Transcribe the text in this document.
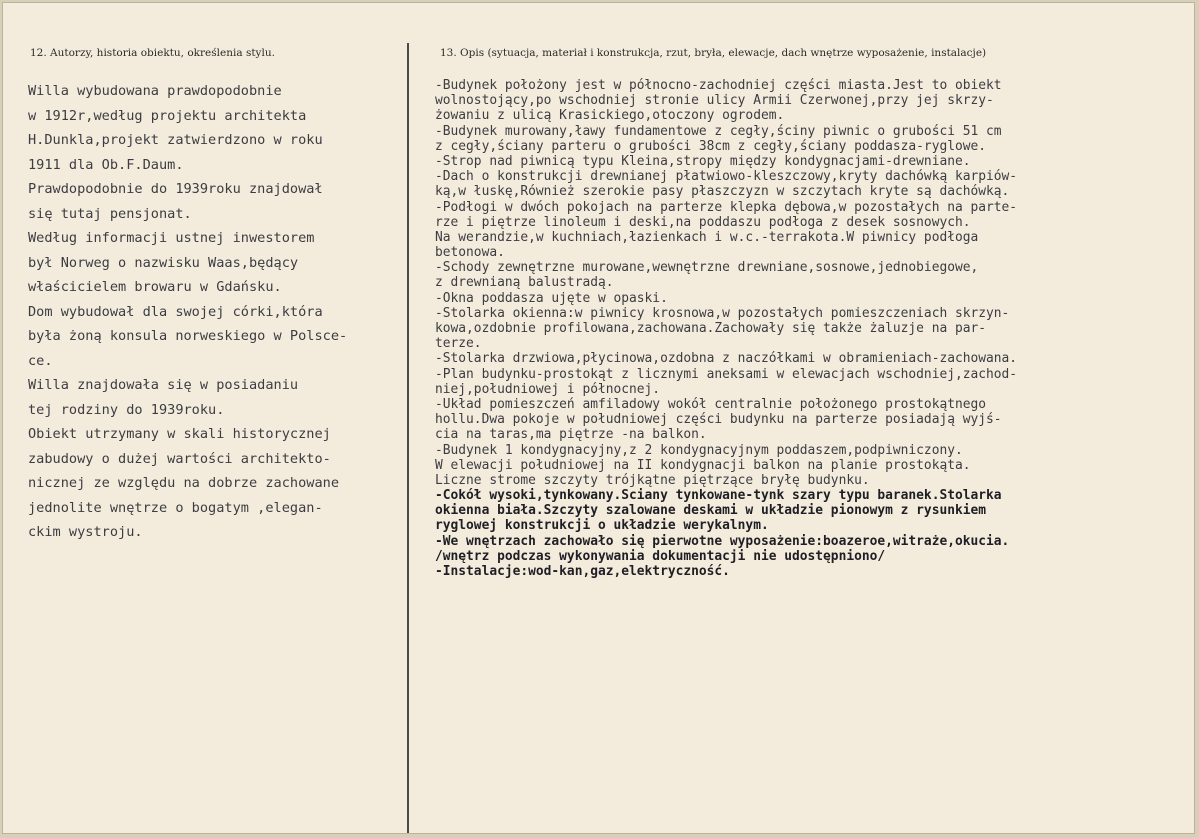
12. Autorzy, historia obiektu, określenia stylu.	13. Opis (sytuacja, materiał i konstrukcja, rzut, bryła, elewacje, dach wnętrze wyposażenie, instalacje)
Willa wybudowana prawdopodobnie
w 1912r,według projektu architekta
H.Dunkla,projekt zatwierdzono w roku
1911 dla Ob.F.Daum.
Prawdopodobnie do 1939roku znajdował
się tutaj pensjonat.
Według informacji ustnej inwestorem
był Norweg o nazwisku Waas,będący
właścicielem browaru w Gdańsku.
Dom wybudował dla swojej córki,która
była żoną konsula norweskiego w Polsce-
ce.
Willa znajdowała się w posiadaniu
tej rodziny do 1939roku.
Obiekt utrzymany w skali historycznej
zabudowy o dużej wartości architekto-
nicznej ze względu na dobrze zachowane
jednolite wnętrze o bogatym ,elegan-
ckim wystroju.
-Budynek położony jest w północno-zachodniej części miasta.Jest to obiekt
wolnostojący,po wschodniej stronie ulicy Armii Czerwonej,przy jej skrzy-
żowaniu z ulicą Krasickiego,otoczony ogrodem.
-Budynek murowany,ławy fundamentowe z cegły,ściny piwnic o grubości 51 cm
z cegły,ściany parteru o grubości 38cm z cegły,ściany poddasza-ryglowe.
-Strop nad piwnicą typu Kleina,stropy między kondygnacjami-drewniane.
-Dach o konstrukcji drewnianej płatwiowo-kleszczowy,kryty dachówką karpiów-
ką,w łuskę,Również szerokie pasy płaszczyzn w szczytach kryte są dachówką.
-Podłogi w dwóch pokojach na parterze klepka dębowa,w pozostałych na parte-
rze i piętrze linoleum i deski,na poddaszu podłoga z desek sosnowych.
Na werandzie,w kuchniach,łazienkach i w.c.-terrakota.W piwnicy podłoga
betonowa.
-Schody zewnętrzne murowane,wewnętrzne drewniane,sosnowe,jednobiegowe,
z drewnianą balustradą.
-Okna poddasza ujęte w opaski.
-Stolarka okienna:w piwnicy krosnowa,w pozostałych pomieszczeniach skrzyn-
kowa,ozdobnie profilowana,zachowana.Zachowały się także żaluzje na par-
terze.
-Stolarka drzwiowa,płycinowa,ozdobna z naczółkami w obramieniach-zachowana.
-Plan budynku-prostokąt z licznymi aneksami w elewacjach wschodniej,zachod-
niej,południowej i północnej.
-Układ pomieszczeń amfiladowy wokół centralnie położonego prostokątnego
hollu.Dwa pokoje w południowej części budynku na parterze posiadają wyjś-
cia na taras,ma piętrze -na balkon.
-Budynek 1 kondygnacyjny,z 2 kondygnacyjnym poddaszem,podpiwniczony.
W elewacji południowej na II kondygnacji balkon na planie prostokąta.
Liczne strome szczyty trójkątne piętrzące bryłę budynku.
-Cokół wysoki,tynkowany.Sciany tynkowane-tynk szary typu baranek.Stolarka
okienna biała.Szczyty szalowane deskami w układzie pionowym z rysunkiem
ryglowej konstrukcji o układzie werykalnym.
-We wnętrzach zachowało się pierwotne wyposażenie:boazeroe,witraże,okucia.
/wnętrz podczas wykonywania dokumentacji nie udostępniono/
-Instalacje:wod-kan,gaz,elektryczność.
